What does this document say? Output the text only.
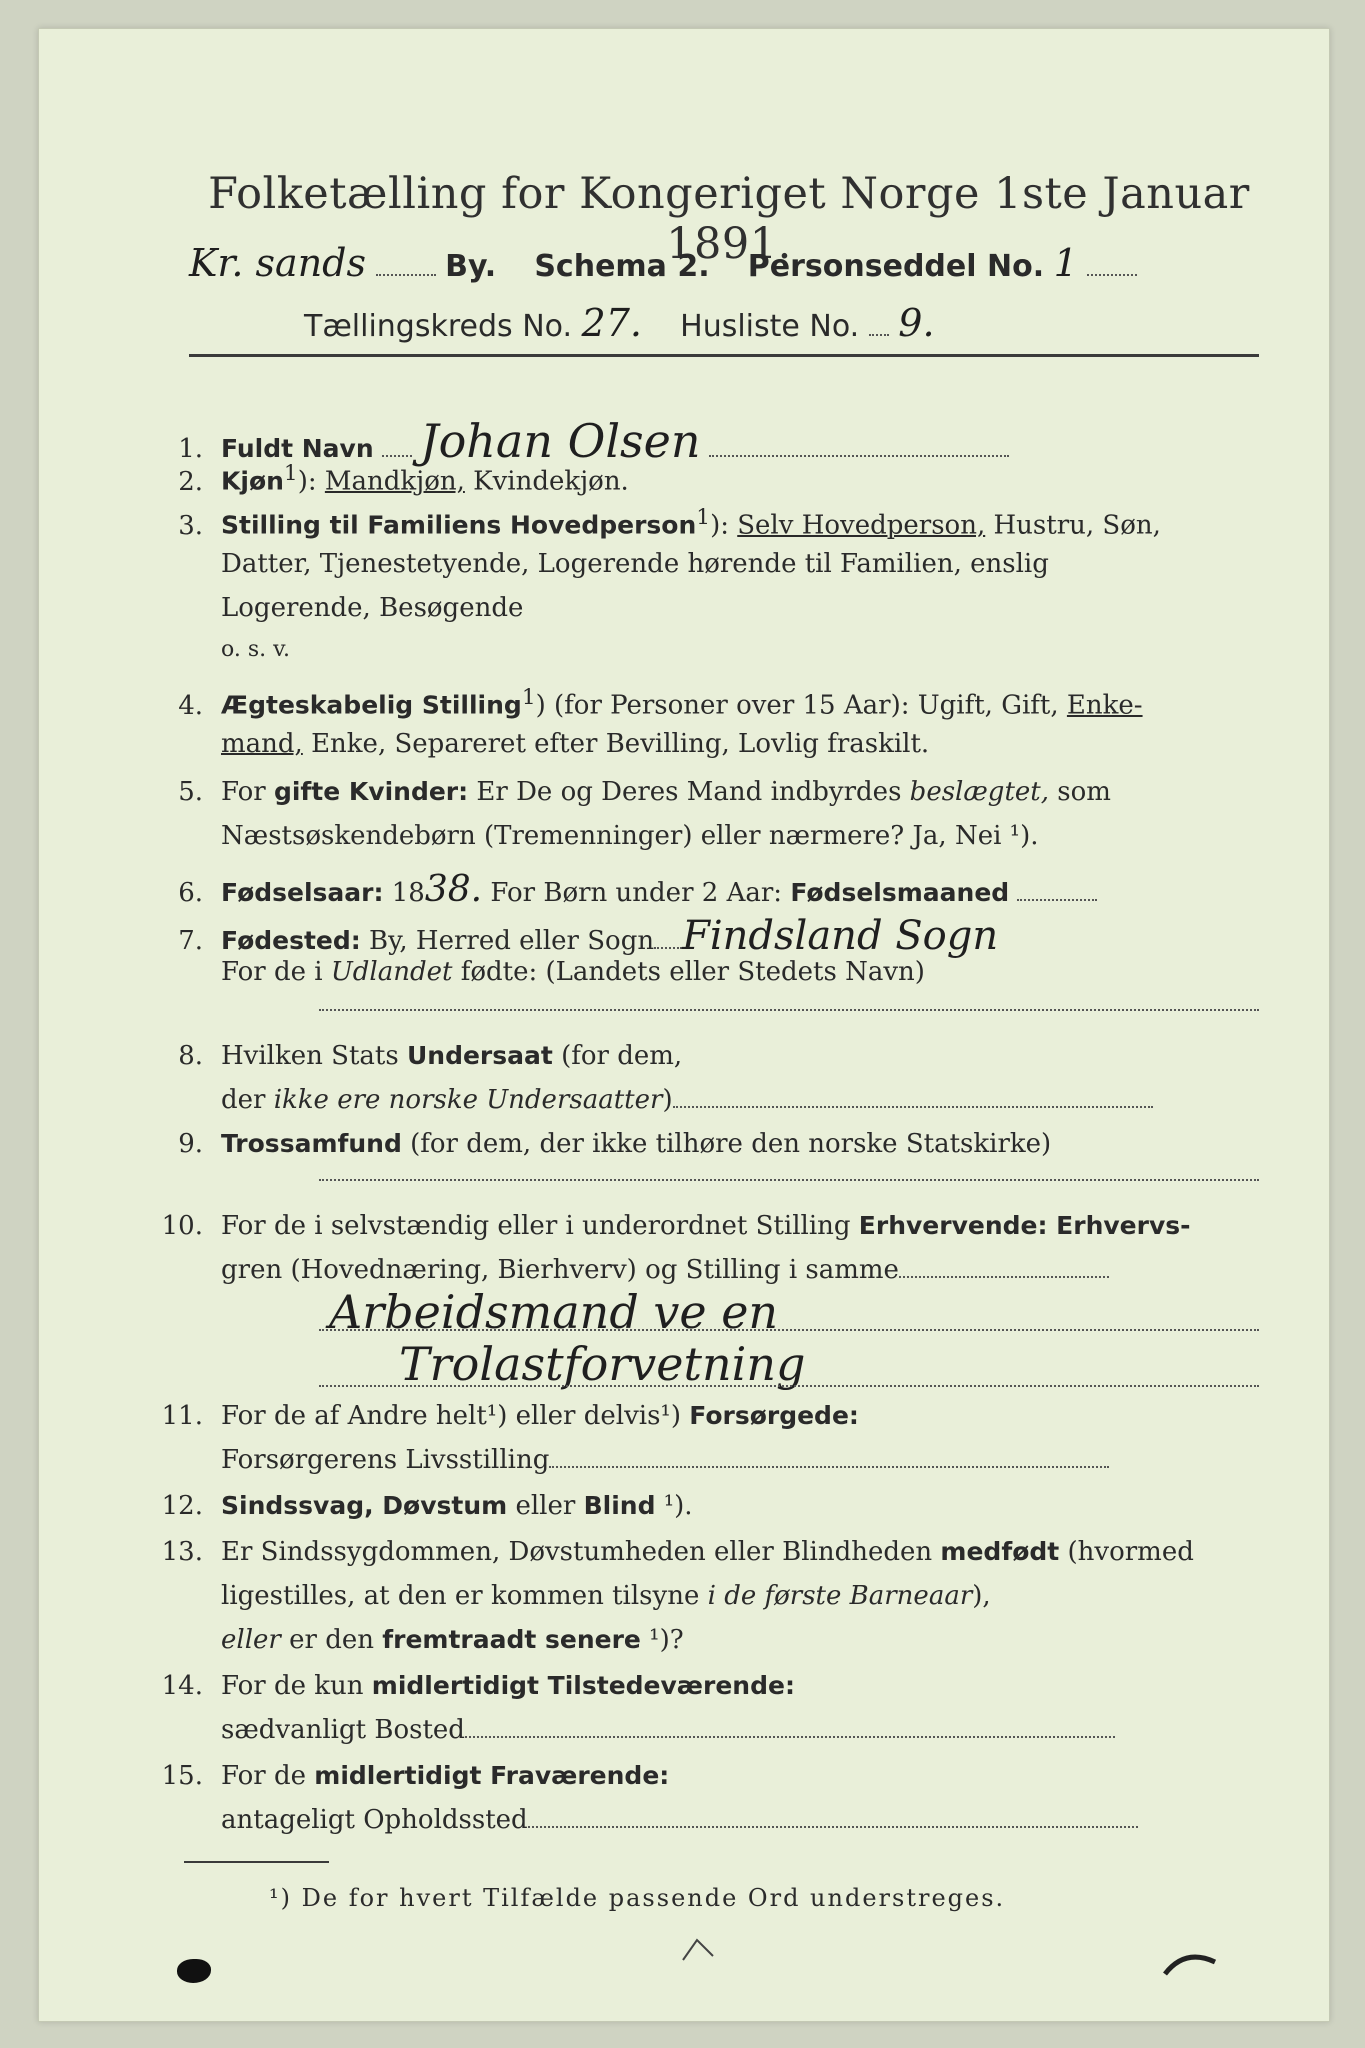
Folketælling for Kongeriget Norge 1ste Januar 1891.
Kr. sands	By. Schema 2. Personseddel No. 1
Tællingskreds No. 27. Husliste No. 9.
1. Fuldt Navn Johan Olsen
2. Kjøn$^1$): Mandkjøn, Kvindekjøn.
3. Stilling til Familiens Hovedperson$^1$): Selv Hovedperson, Hustru, Søn,
Datter, Tjenestetyende, Logerende hørende til Familien, enslig
Logerende, Besøgende
o. s. v.
4. Ægteskabelig Stilling$^1$) (for Personer over 15 Aar): Ugift, Gift, Enke-
mand, Enke, Separeret efter Bevilling, Lovlig fraskilt.
5. For gifte Kvinder: Er De og Deres Mand indbyrdes beslægtet, som
Næstsøskendebørn (Tremenninger) eller nærmere? Ja, Nei ¹).
6. Fødselsaar: 1838. For Børn under 2 Aar: Fødselsmaaned
7. Fødested: By, Herred eller Sogn Findsland Sogn
For de i Udlandet fødte: (Landets eller Stedets Navn)
8. Hvilken Stats Undersaat (for dem,
der ikke ere norske Undersaatter)
9. Trossamfund (for dem, der ikke tilhøre den norske Statskirke)
10. For de i selvstændig eller i underordnet Stilling Erhvervende: Erhvervs-
gren (Hovednæring, Bierhverv) og Stilling i samme
Arbeidsmand ve en
Trolastforvetning
11. For de af Andre helt¹) eller delvis¹) Forsørgede:
Forsørgerens Livsstilling
12. Sindssvag, Døvstum eller Blind ¹).
13. Er Sindssygdommen, Døvstumheden eller Blindheden medfødt (hvormed
ligestilles, at den er kommen tilsyne i de første Barneaar),
eller er den fremtraadt senere ¹)?
14. For de kun midlertidigt Tilstedeværende:
sædvanligt Bosted
15. For de midlertidigt Fraværende:
antageligt Opholdssted
¹) De for hvert Tilfælde passende Ord understreges.
